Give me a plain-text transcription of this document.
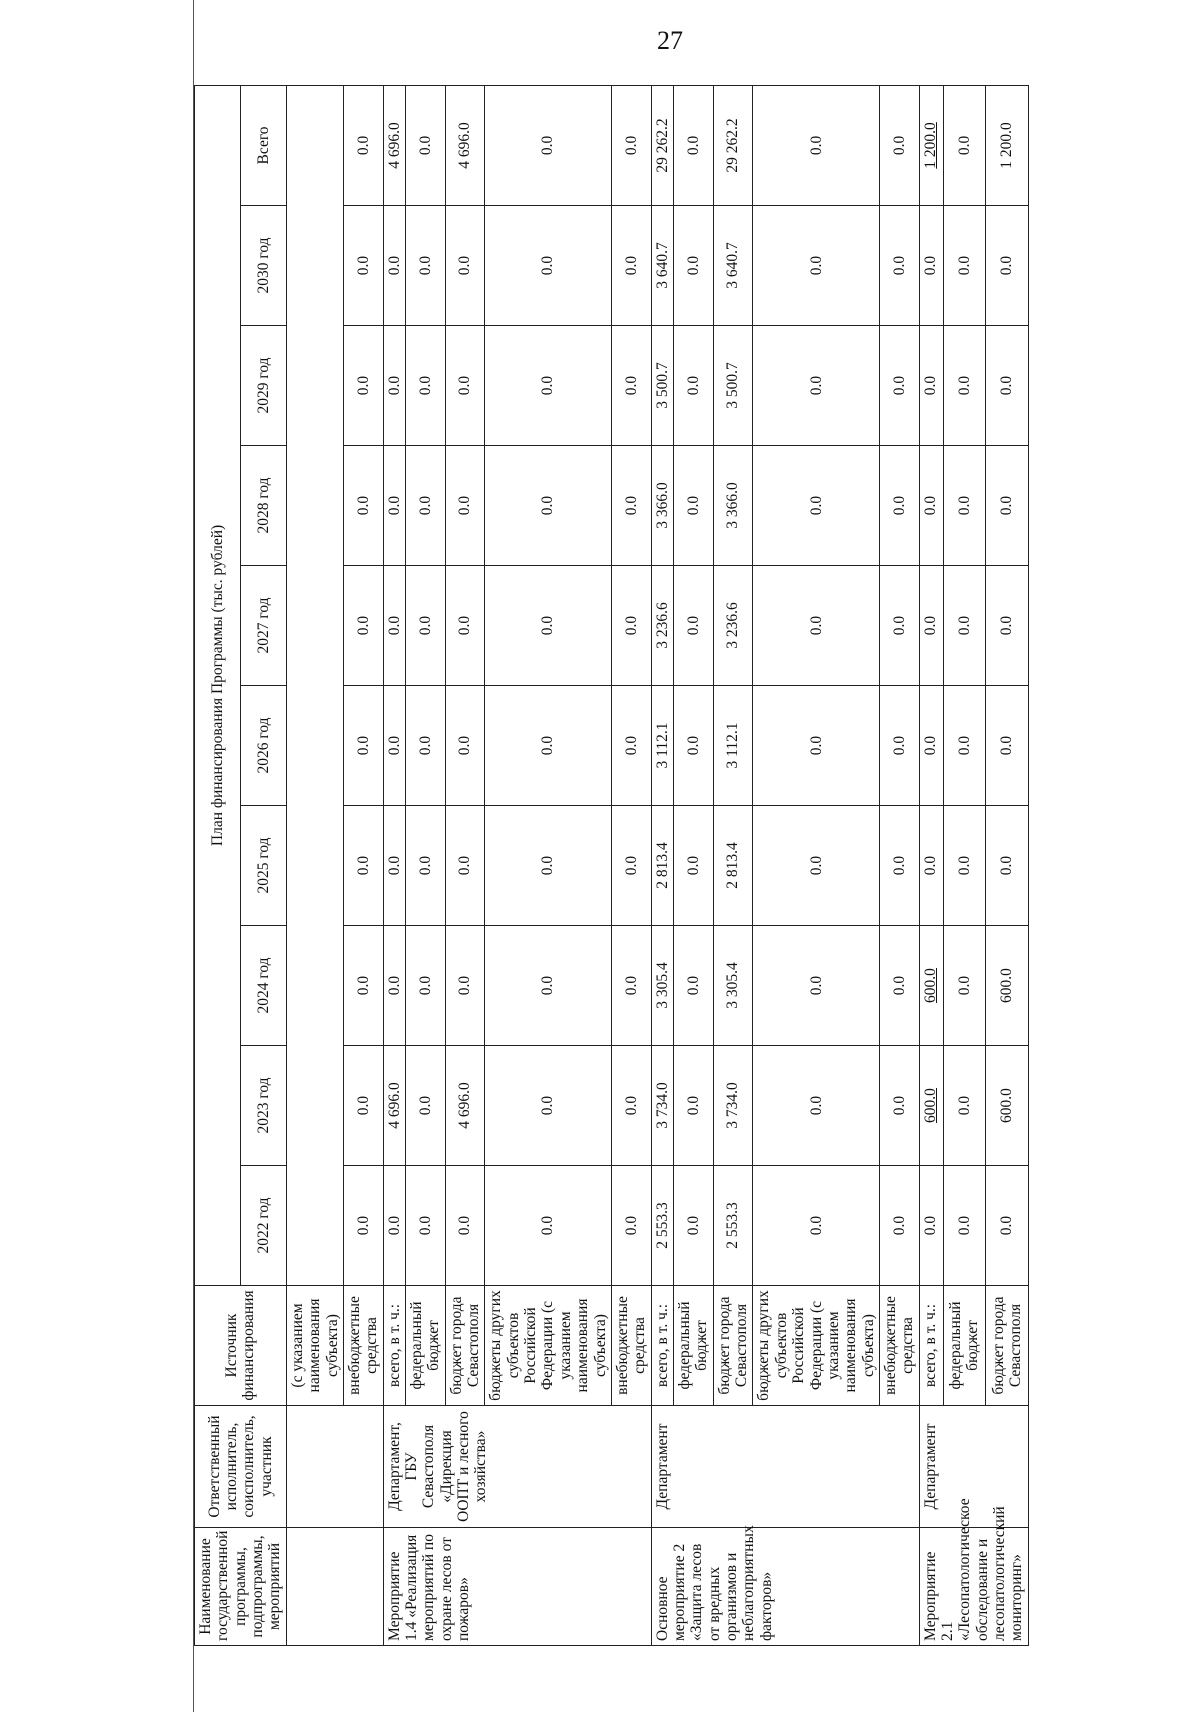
27
Наименование государственной программы, подпрограммы, мероприятий	Ответственный исполнитель, соисполнитель, участник	Источник финансирования	План финансирования Программы (тыс. рублей)									
			2022 год	2023 год	2024 год	2025 год	2026 год	2027 год	2028 год	2029 год	2030 год	Всего
		(с указанием наименования субъекта)										
		внебюджетные средства	0.0	0.0	0.0	0.0	0.0	0.0	0.0	0.0	0.0	0.0
Мероприятие 1.4 «Реализация мероприятий по охране лесов от пожаров»	Департамент, ГБУ Севастополя «Дирекция ООПТ и лесного хозяйства»	всего, в т. ч.:	0.0	4 696.0	0.0	0.0	0.0	0.0	0.0	0.0	0.0	4 696.0
		федеральный бюджет	0.0	0.0	0.0	0.0	0.0	0.0	0.0	0.0	0.0	0.0
		бюджет города Севастополя	0.0	4 696.0	0.0	0.0	0.0	0.0	0.0	0.0	0.0	4 696.0
		бюджеты других субъектов Российской Федерации (с указанием наименования субъекта)	0.0	0.0	0.0	0.0	0.0	0.0	0.0	0.0	0.0	0.0
		внебюджетные средства	0.0	0.0	0.0	0.0	0.0	0.0	0.0	0.0	0.0	0.0
Основное мероприятие 2 «Защита лесов от вредных организмов и неблагоприятных факторов»	Департамент	всего, в т. ч.:	2 553.3	3 734.0	3 305.4	2 813.4	3 112.1	3 236.6	3 366.0	3 500.7	3 640.7	29 262.2
		федеральный бюджет	0.0	0.0	0.0	0.0	0.0	0.0	0.0	0.0	0.0	0.0
		бюджет города Севастополя	2 553.3	3 734.0	3 305.4	2 813.4	3 112.1	3 236.6	3 366.0	3 500.7	3 640.7	29 262.2
		бюджеты других субъектов Российской Федерации (с указанием наименования субъекта)	0.0	0.0	0.0	0.0	0.0	0.0	0.0	0.0	0.0	0.0
		внебюджетные средства	0.0	0.0	0.0	0.0	0.0	0.0	0.0	0.0	0.0	0.0
Мероприятие 2.1 «Лесопатологическое обследование и лесопатологический мониторинг»	Департамент	всего, в т. ч.:	0.0	600.0	600.0	0.0	0.0	0.0	0.0	0.0	0.0	1 200.0
		федеральный бюджет	0.0	0.0	0.0	0.0	0.0	0.0	0.0	0.0	0.0	0.0
		бюджет города Севастополя	0.0	600.0	600.0	0.0	0.0	0.0	0.0	0.0	0.0	1 200.0
